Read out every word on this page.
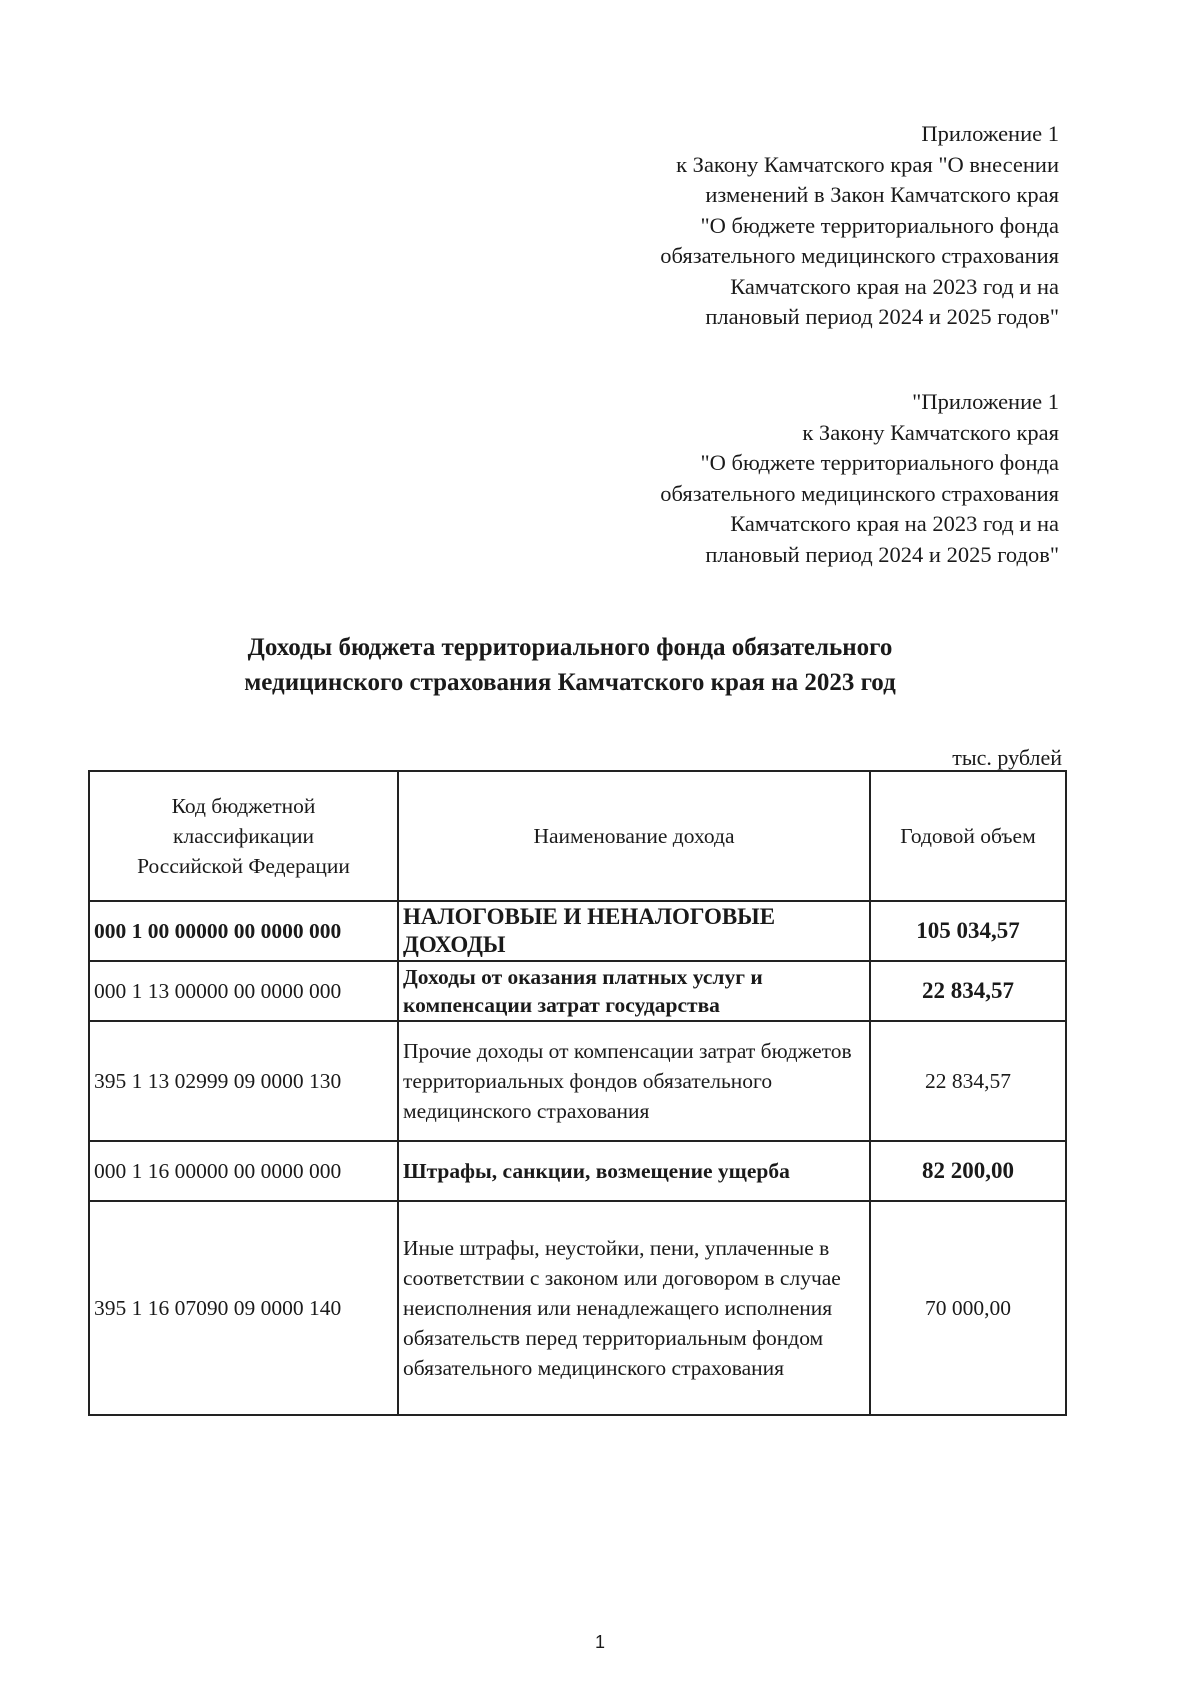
Приложение 1
к Закону Камчатского края "О внесении
изменений в Закон Камчатского края
"О бюджете территориального фонда
обязательного медицинского страхования
Камчатского края на 2023 год и на
плановый период 2024 и 2025 годов"
"Приложение 1
к Закону Камчатского края
"О бюджете территориального фонда
обязательного медицинского страхования
Камчатского края на 2023 год и на
плановый период 2024 и 2025 годов"
Доходы бюджета территориального фонда обязательного
медицинского страхования Камчатского края на 2023 год
тыс. рублей
Код бюджетной классификации Российской Федерации	Наименование дохода	Годовой объем
000 1 00 00000 00 0000 000	НАЛОГОВЫЕ И НЕНАЛОГОВЫЕ ДОХОДЫ	105 034,57
000 1 13 00000 00 0000 000	Доходы от оказания платных услуг и компенсации затрат государства	22 834,57
395 1 13 02999 09 0000 130	Прочие доходы от компенсации затрат бюджетов территориальных фондов обязательного медицинского страхования	22 834,57
000 1 16 00000 00 0000 000	Штрафы, санкции, возмещение ущерба	82 200,00
395 1 16 07090 09 0000 140	Иные штрафы, неустойки, пени, уплаченные в соответствии с законом или договором в случае неисполнения или ненадлежащего исполнения обязательств перед территориальным фондом обязательного медицинского страхования	70 000,00
1
